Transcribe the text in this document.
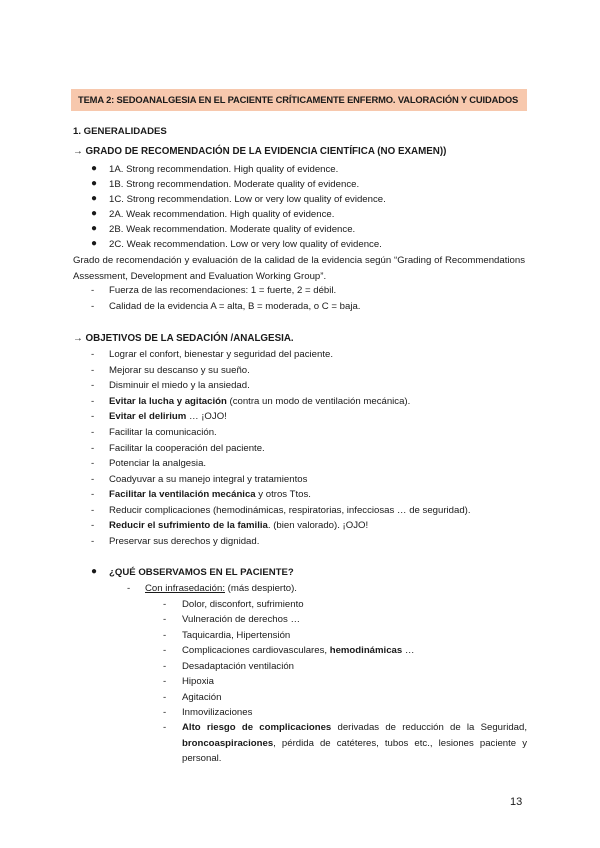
TEMA 2: SEDOANALGESIA EN EL PACIENTE CRÍTICAMENTE ENFERMO. VALORACIÓN Y CUIDADOS
1. GENERALIDADES
→ GRADO DE RECOMENDACIÓN DE LA EVIDENCIA CIENTÍFICA (NO EXAMEN))
● 1A. Strong recommendation. High quality of evidence.
● 1B. Strong recommendation. Moderate quality of evidence.
● 1C. Strong recommendation. Low or very low quality of evidence.
● 2A. Weak recommendation. High quality of evidence.
● 2B. Weak recommendation. Moderate quality of evidence.
● 2C. Weak recommendation. Low or very low quality of evidence.
Grado de recomendación y evaluación de la calidad de la evidencia según “Grading of Recommendations Assessment, Development and Evaluation Working Group”.
- Fuerza de las recomendaciones: 1 = fuerte, 2 = débil.
- Calidad de la evidencia A = alta, B = moderada, o C = baja.
→ OBJETIVOS DE LA SEDACIÓN /ANALGESIA.
- Lograr el confort, bienestar y seguridad del paciente.
- Mejorar su descanso y su sueño.
- Disminuir el miedo y la ansiedad.
- Evitar la lucha y agitación (contra un modo de ventilación mecánica).
- Evitar el delirium … ¡OJO!
- Facilitar la comunicación.
- Facilitar la cooperación del paciente.
- Potenciar la analgesia.
- Coadyuvar a su manejo integral y tratamientos
- Facilitar la ventilación mecánica y otros Ttos.
- Reducir complicaciones (hemodinámicas, respiratorias, infecciosas … de seguridad).
- Reducir el sufrimiento de la familia. (bien valorado). ¡OJO!
- Preservar sus derechos y dignidad.
● ¿QUÉ OBSERVAMOS EN EL PACIENTE?
- Con infrasedación: (más despierto).
- Dolor, disconfort, sufrimiento
- Vulneración de derechos …
- Taquicardia, Hipertensión
- Complicaciones cardiovasculares, hemodinámicas …
- Desadaptación ventilación
- Hipoxia
- Agitación
- Inmovilizaciones
- Alto riesgo de complicaciones derivadas de reducción de la Seguridad, broncoaspiraciones, pérdida de catéteres, tubos etc., lesiones paciente y personal.
13
